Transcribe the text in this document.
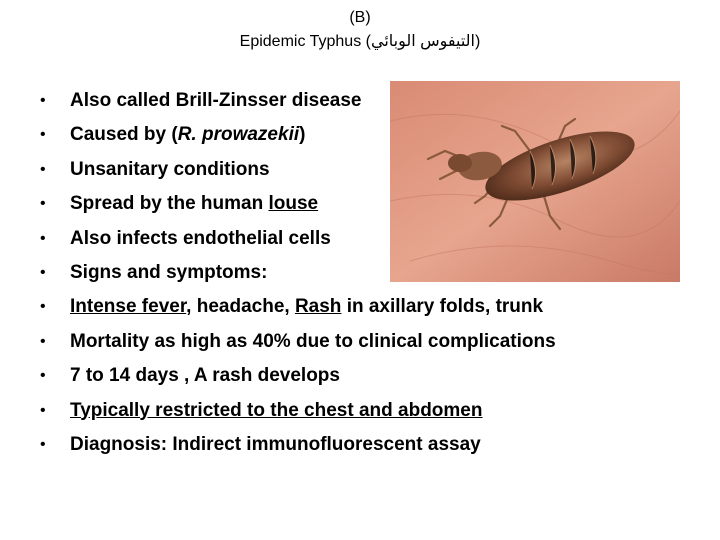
(B)
Epidemic Typhus (التيفوس الوبائي)
• Also called Brill-Zinsser disease
• Caused by (R. prowazekii)
• Unsanitary conditions
• Spread by the human louse
• Also infects endothelial cells
• Signs and symptoms:
• Intense fever, headache, Rash in axillary folds, trunk
• Mortality as high as 40% due to clinical complications
• 7 to 14 days , A rash develops
• Typically restricted to the chest and abdomen
• Diagnosis: Indirect immunofluorescent assay
